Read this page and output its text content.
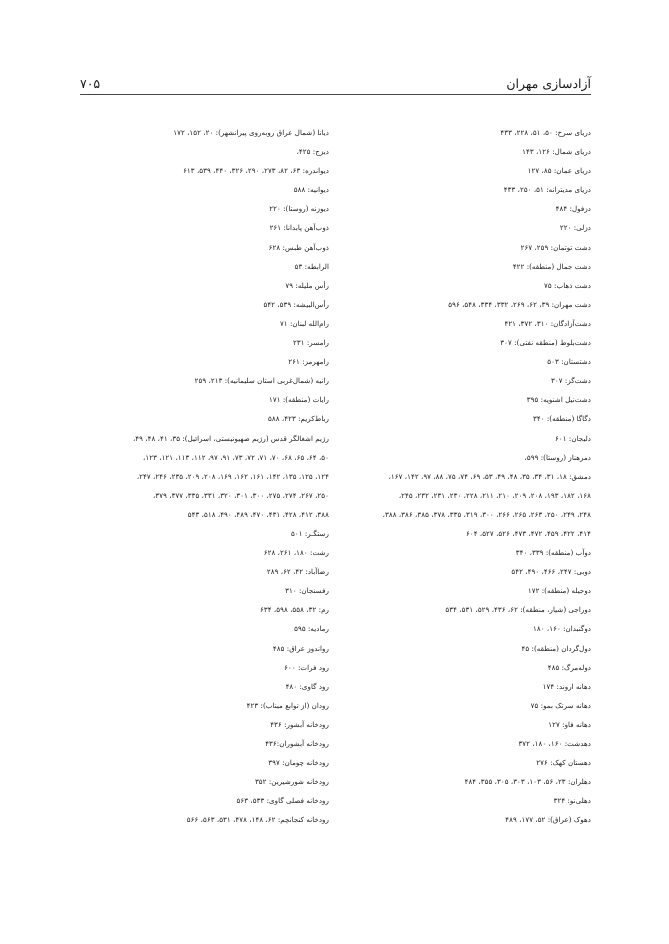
۷۰۵	آزادسازی مهران
دریای سرخ: ۵۰، ۵۱، ۲۲۸، ۴۳۳
دریای شمال: ۱۲۶، ۱۴۳
دریای عمان: ۸۵، ۱۲۷
دریای مدیترانه: ۵۱، ۲۵۰، ۴۳۳
دزفول: ۴۸۴
دزلی: ۲۲۰
دشت توتمان: ۲۵۹، ۲۶۷
دشت جمال (منطقه): ۴۲۲
دشت ذهاب: ۷۵
دشت مهران: ۳۹، ۶۲، ۲۶۹، ۳۳۲، ۳۳۴، ۵۴۸، ۵۹۶
دشت‌آزادگان: ۳۱۰، ۳۷۲، ۴۲۱
دشت‌بلوط (منطقه نفتی): ۳۰۷
دشتستان: ۵۰۳
دشت‌گز: ۳۰۷
دشت‌نیل اشنویه: ۳۹۵
دگاگا (منطقه): ۳۴۰
دلیجان: ۶۰۱
دمرهناز (روستا): ۵۹۹،
دمشق: ۱۸، ۳۱، ۳۴، ۳۵، ۴۸، ۴۹، ۵۳، ۶۹، ۷۴، ۷۵، ۸۸، ۹۷، ۱۴۲، ۱۶۷،
۱۶۸، ۱۸۲، ۱۹۳، ۲۰۸، ۲۰۹، ۲۱۰، ۲۱۱، ۲۲۸، ۲۳۰، ۲۳۱، ۲۳۲، ۲۴۵،
۲۴۸، ۲۴۹، ۲۵۰، ۲۶۳، ۲۶۵، ۲۶۶، ۳۰۰، ۳۱۹، ۳۳۵، ۳۷۸، ۳۸۵، ۳۸۶، ۳۸۸،
۴۱۴، ۴۲۲، ۴۵۹، ۴۷۲، ۴۷۳، ۵۲۶، ۵۲۷، ۶۰۴
دوآب (منطقه): ۳۳۹، ۳۴۰
دوبی: ۲۴۷، ۴۶۶، ۴۹۰، ۵۴۲
دوجیله (منطقه): ۱۷۲
دوراجی (شیار، منطقه): ۶۲، ۴۳۶، ۵۲۹، ۵۳۱، ۵۳۴
دوگنبدان: ۱۶۰، ۱۸۰
دول‌گردان (منطقه): ۴۵
دوله‌مرگ: ۴۸۵
دهانه اروند: ۱۷۴
دهانه سرتک بمو: ۷۵
دهانه فاو: ۱۲۷
دهدشت: ۱۶۰، ۱۸۰، ۳۷۲
دهستان کهک: ۲۷۶
دهلران: ۲۳، ۵۶، ۱۰۳، ۳۰۳، ۳۰۵، ۳۵۵، ۴۸۴
دهلی‌نو: ۳۲۴
دهوک (عراق): ۵۲، ۱۷۷، ۴۸۹
دیانا (شمال عراق روبه‌روی پیرانشهر): ۲۰، ۱۵۲، ۱۷۲
دیزج: ۴۲۵،
دیواندره: ۶۳، ۸۲، ۲۷۳، ۲۹۰، ۳۲۶، ۴۴۰، ۵۳۹، ۶۱۳
دیوانیه: ۵۸۸
دیوزنه (روستا): ۲۲۰
ذوب‌آهن پابدانا: ۲۶۱
ذوب‌آهن طبس: ۶۲۸
الرابطه: ۵۳
رأس ملیله: ۷۹
رأس‌البیشه: ۵۳۹، ۵۴۲
رام‌الله لبنان: ۷۱
رامسر: ۲۳۱
رامهرمز: ۲۶۱
رانیه (شمال‌غربی استان سلیمانیه): ۲۱۳، ۲۵۹
رایات (منطقه): ۱۷۱
رباط‌کریم: ۴۲۳، ۵۸۸
رژیم اشغالگر قدس (رژیم صهیونیستی، اسرائیل): ۳۵، ۴۱، ۴۸، ۴۹،
۵۰، ۶۴، ۶۵، ۶۸، ۷۰، ۷۱، ۷۲، ۷۳، ۹۱، ۹۷، ۱۱۲، ۱۱۳، ۱۲۱، ۱۲۳،
۱۲۴، ۱۲۵، ۱۳۵، ۱۴۲، ۱۶۱، ۱۶۲، ۱۶۹، ۲۰۸، ۲۰۹، ۲۳۵، ۲۴۶، ۲۴۷،
۲۵۰، ۲۶۷، ۲۷۴، ۲۷۵، ۳۰۰، ۳۰۱، ۳۲۰، ۳۳۱، ۳۳۵، ۳۷۷، ۳۷۹،
۳۸۸، ۴۱۲، ۴۲۸، ۴۳۱، ۴۷۰، ۴۸۹، ۴۹۰، ۵۱۸، ۵۴۳
رستگـر: ۵۰۱
رشت: ۱۸۰، ۲۶۱، ۶۲۸
رضاآباد: ۴۲، ۶۲، ۲۸۹
رفسنجان: ۳۱۰
رم: ۳۲، ۵۵۸، ۵۹۸، ۶۳۴
رمادیه: ۵۹۵
رواندوز عراق: ۴۸۵
رود فرات: ۶۰۰
رود گاوی: ۴۸۰
رودان (از توابع میناب): ۴۲۳
رودخانه آبشور: ۴۳۶
رودخانه آبشوران:۴۳۶
رودخانه چومان: ۳۹۷
رودخانه شورشیرین: ۳۵۲
رودخانه فصلی گاوی: ۵۳۳، ۵۶۳
رودخانه کنجانچم: ۶۲، ۱۴۸، ۴۷۸، ۵۳۱، ۵۶۳، ۵۶۶
